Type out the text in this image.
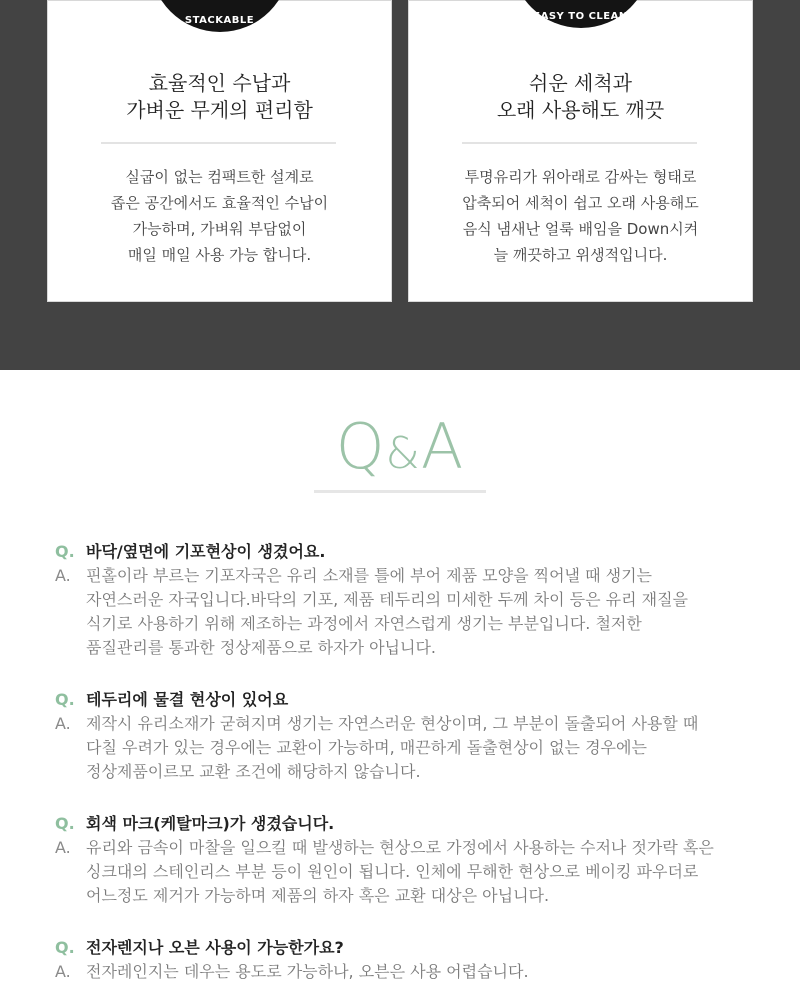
STACKABLE
효율적인 수납과
가벼운 무게의 편리함
실굽이 없는 컴팩트한 설계로
좁은 공간에서도 효율적인 수납이
가능하며, 가벼워 부담없이
매일 매일 사용 가능 합니다.
EASY TO CLEAN
쉬운 세척과
오래 사용해도 깨끗
투명유리가 위아래로 감싸는 형태로
압축되어 세척이 쉽고 오래 사용해도
음식 냄새난 얼룩 배임을 Down시켜
늘 깨끗하고 위생적입니다.
Q&A
Q. 바닥/옆면에 기포현상이 생겼어요.
A. 핀홀이라 부르는 기포자국은 유리 소재를 틀에 부어 제품 모양을 찍어낼 때 생기는
자연스러운 자국입니다.바닥의 기포, 제품 테두리의 미세한 두께 차이 등은 유리 재질을
식기로 사용하기 위해 제조하는 과정에서 자연스럽게 생기는 부분입니다. 철저한
품질관리를 통과한 정상제품으로 하자가 아닙니다.
Q. 테두리에 물결 현상이 있어요
A. 제작시 유리소재가 굳혀지며 생기는 자연스러운 현상이며, 그 부분이 돌출되어 사용할 때
다칠 우려가 있는 경우에는 교환이 가능하며, 매끈하게 돌출현상이 없는 경우에는
정상제품이르모 교환 조건에 해당하지 않습니다.
Q. 회색 마크(케탈마크)가 생겼습니다.
A. 유리와 금속이 마찰을 일으킬 때 발생하는 현상으로 가정에서 사용하는 수저나 젓가락 혹은
싱크대의 스테인리스 부분 등이 원인이 됩니다. 인체에 무해한 현상으로 베이킹 파우더로
어느정도 제거가 가능하며 제품의 하자 혹은 교환 대상은 아닙니다.
Q. 전자렌지나 오븐 사용이 가능한가요?
A. 전자레인지는 데우는 용도로 가능하나, 오븐은 사용 어렵습니다.
